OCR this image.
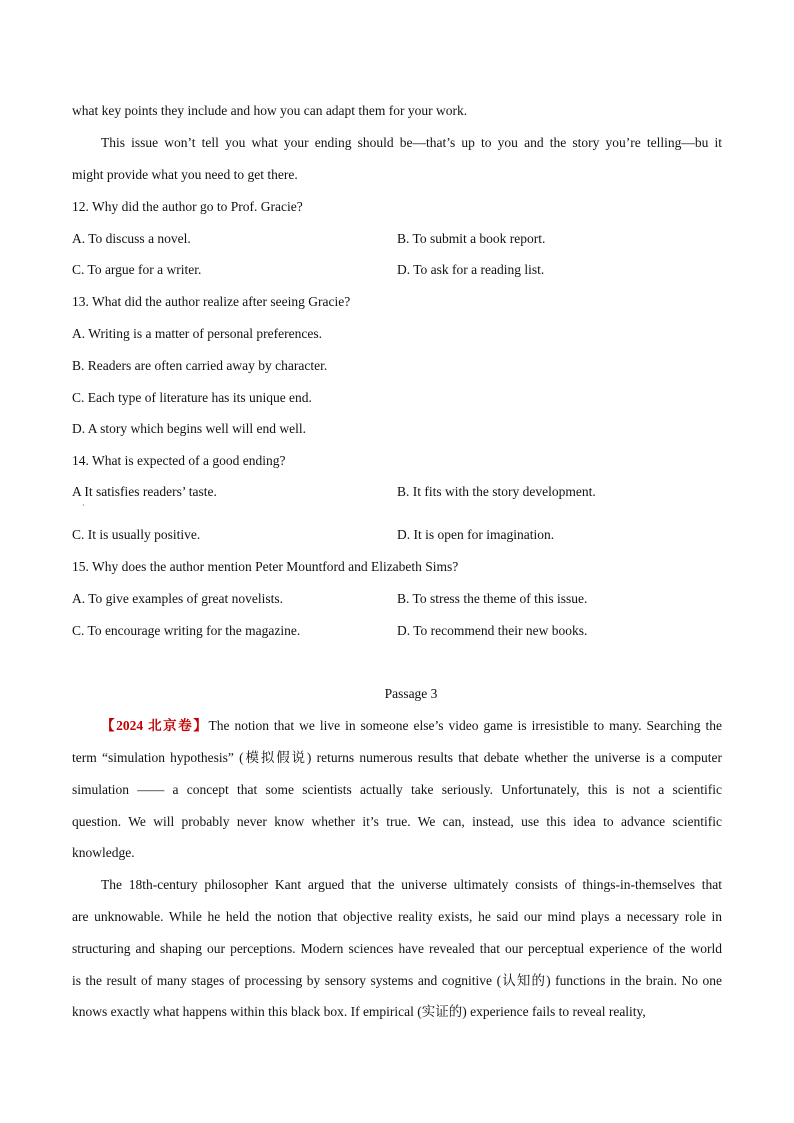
what key points they include and how you can adapt them for your work.
This issue won’t tell you what your ending should be—that’s up to you and the story you’re telling—bu it
might provide what you need to get there.
12. Why did the author go to Prof. Gracie?
A. To discuss a novel.	B. To submit a book report.
C. To argue for a writer.	D. To ask for a reading list.
13. What did the author realize after seeing Gracie?
A. Writing is a matter of personal preferences.
B. Readers are often carried away by character.
C. Each type of literature has its unique end.
D. A story which begins well will end well.
14. What is expected of a good ending?
A It satisfies readers’ taste.	B. It fits with the story development.
·
C. It is usually positive.	D. It is open for imagination.
15. Why does the author mention Peter Mountford and Elizabeth Sims?
A. To give examples of great novelists.	B. To stress the theme of this issue.
C. To encourage writing for the magazine.	D. To recommend their new books.
Passage 3
【2024 北京卷】The notion that we live in someone else’s video game is irresistible to many. Searching the
term “simulation hypothesis” (模拟假说) returns numerous results that debate whether the universe is a computer
simulation —— a concept that some scientists actually take seriously. Unfortunately, this is not a scientific
question. We will probably never know whether it’s true. We can, instead, use this idea to advance scientific
knowledge.
The 18th-century philosopher Kant argued that the universe ultimately consists of things-in-themselves that
are unknowable. While he held the notion that objective reality exists, he said our mind plays a necessary role in
structuring and shaping our perceptions. Modern sciences have revealed that our perceptual experience of the world
is the result of many stages of processing by sensory systems and cognitive (认知的) functions in the brain. No one
knows exactly what happens within this black box. If empirical (实证的) experience fails to reveal reality,
